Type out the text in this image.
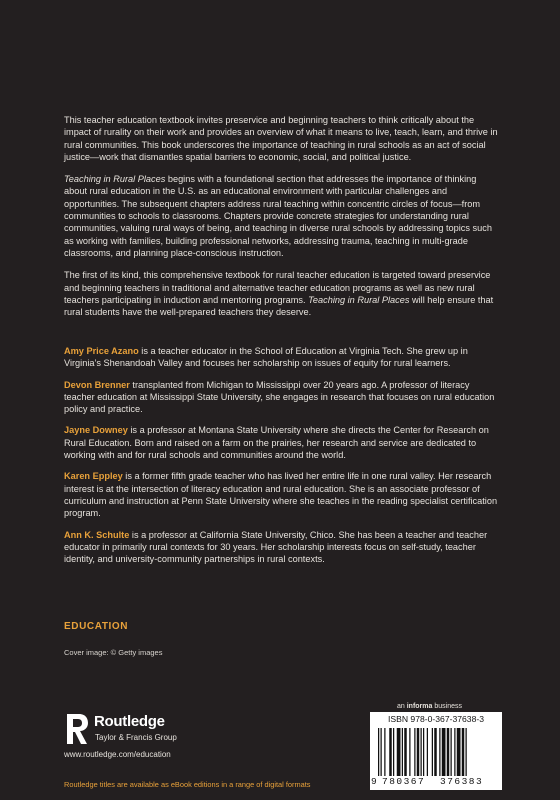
This teacher education textbook invites preservice and beginning teachers to think critically about the impact of rurality on their work and provides an overview of what it means to live, teach, learn, and thrive in rural communities. This book underscores the importance of teaching in rural schools as an act of social justice—work that dismantles spatial barriers to economic, social, and political justice.

Teaching in Rural Places begins with a foundational section that addresses the importance of thinking about rural education in the U.S. as an educational environment with particular challenges and opportunities. The subsequent chapters address rural teaching within concentric circles of focus—from communities to schools to classrooms. Chapters provide concrete strategies for understanding rural communities, valuing rural ways of being, and teaching in diverse rural schools by addressing topics such as working with families, building professional networks, addressing trauma, teaching in multi-grade classrooms, and planning place-conscious instruction.

The first of its kind, this comprehensive textbook for rural teacher education is targeted toward preservice and beginning teachers in traditional and alternative teacher education programs as well as new rural teachers participating in induction and mentoring programs. Teaching in Rural Places will help ensure that rural students have the well-prepared teachers they deserve.

Amy Price Azano is a teacher educator in the School of Education at Virginia Tech. She grew up in Virginia’s Shenandoah Valley and focuses her scholarship on issues of equity for rural learners.

Devon Brenner transplanted from Michigan to Mississippi over 20 years ago. A professor of literacy teacher education at Mississippi State University, she engages in research that focuses on rural education policy and practice.

Jayne Downey is a professor at Montana State University where she directs the Center for Research on Rural Education. Born and raised on a farm on the prairies, her research and service are dedicated to working with and for rural schools and communities around the world.

Karen Eppley is a former fifth grade teacher who has lived her entire life in one rural valley. Her research interest is at the intersection of literacy education and rural education. She is an associate professor of curriculum and instruction at Penn State University where she teaches in the reading specialist certification program.

Ann K. Schulte is a professor at California State University, Chico. She has been a teacher and teacher educator in primarily rural contexts for 30 years. Her scholarship interests focus on self-study, teacher identity, and university-community partnerships in rural contexts.

EDUCATION
Cover image: © Getty images
Routledge
Taylor & Francis Group
www.routledge.com/education
an informa business
ISBN 978-0-367-37638-3
9 780367 376383
Routledge titles are available as eBook editions in a range of digital formats
